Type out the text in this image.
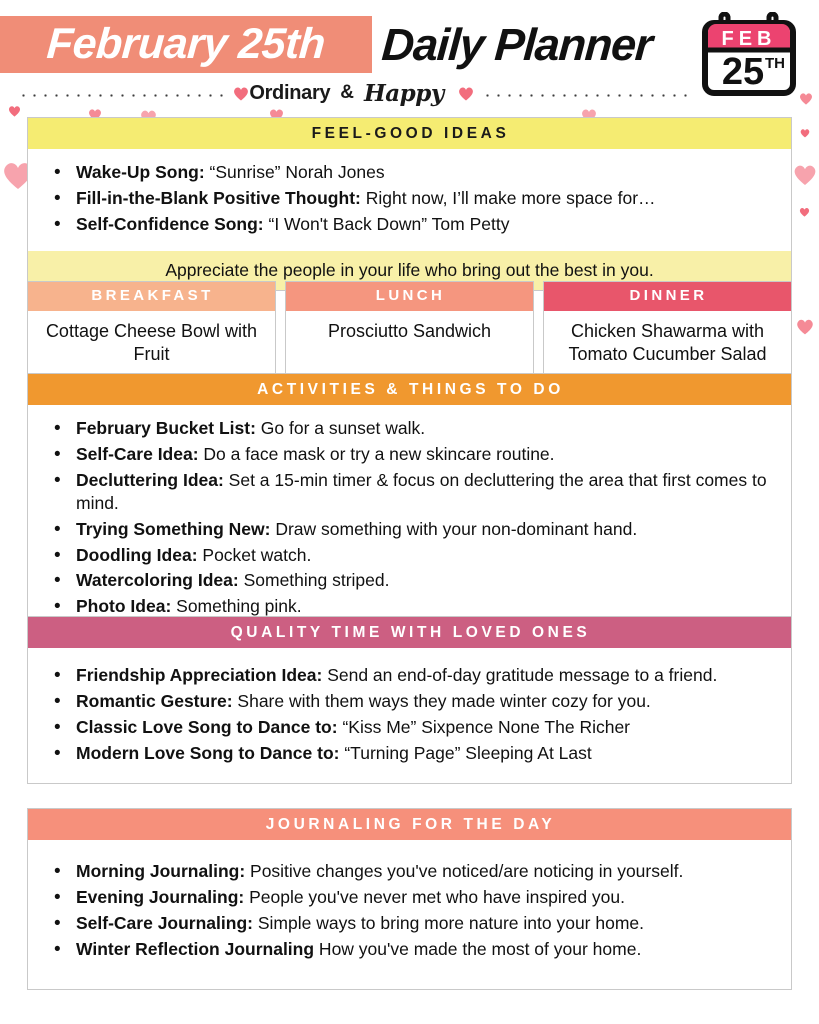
February 25th Daily Planner	FEB
25 TH
Ordinary & Happy
FEEL-GOOD IDEAS
• Wake-Up Song: “Sunrise” Norah Jones
• Fill-in-the-Blank Positive Thought: Right now, I’ll make more space for…
• Self-Confidence Song: “I Won't Back Down” Tom Petty
Appreciate the people in your life who bring out the best in you.
BREAKFAST
Cottage Cheese Bowl with Fruit
LUNCH
Prosciutto Sandwich
DINNER
Chicken Shawarma with Tomato Cucumber Salad
ACTIVITIES & THINGS TO DO
• February Bucket List: Go for a sunset walk.
• Self-Care Idea: Do a face mask or try a new skincare routine.
• Decluttering Idea: Set a 15-min timer & focus on decluttering the area that first comes to mind.
• Trying Something New: Draw something with your non-dominant hand.
• Doodling Idea: Pocket watch.
• Watercoloring Idea: Something striped.
• Photo Idea: Something pink.
QUALITY TIME WITH LOVED ONES
• Friendship Appreciation Idea: Send an end-of-day gratitude message to a friend.
• Romantic Gesture: Share with them ways they made winter cozy for you.
• Classic Love Song to Dance to: “Kiss Me” Sixpence None The Richer
• Modern Love Song to Dance to: “Turning Page” Sleeping At Last
JOURNALING FOR THE DAY
• Morning Journaling: Positive changes you've noticed/are noticing in yourself.
• Evening Journaling: People you've never met who have inspired you.
• Self-Care Journaling: Simple ways to bring more nature into your home.
• Winter Reflection Journaling How you've made the most of your home.
